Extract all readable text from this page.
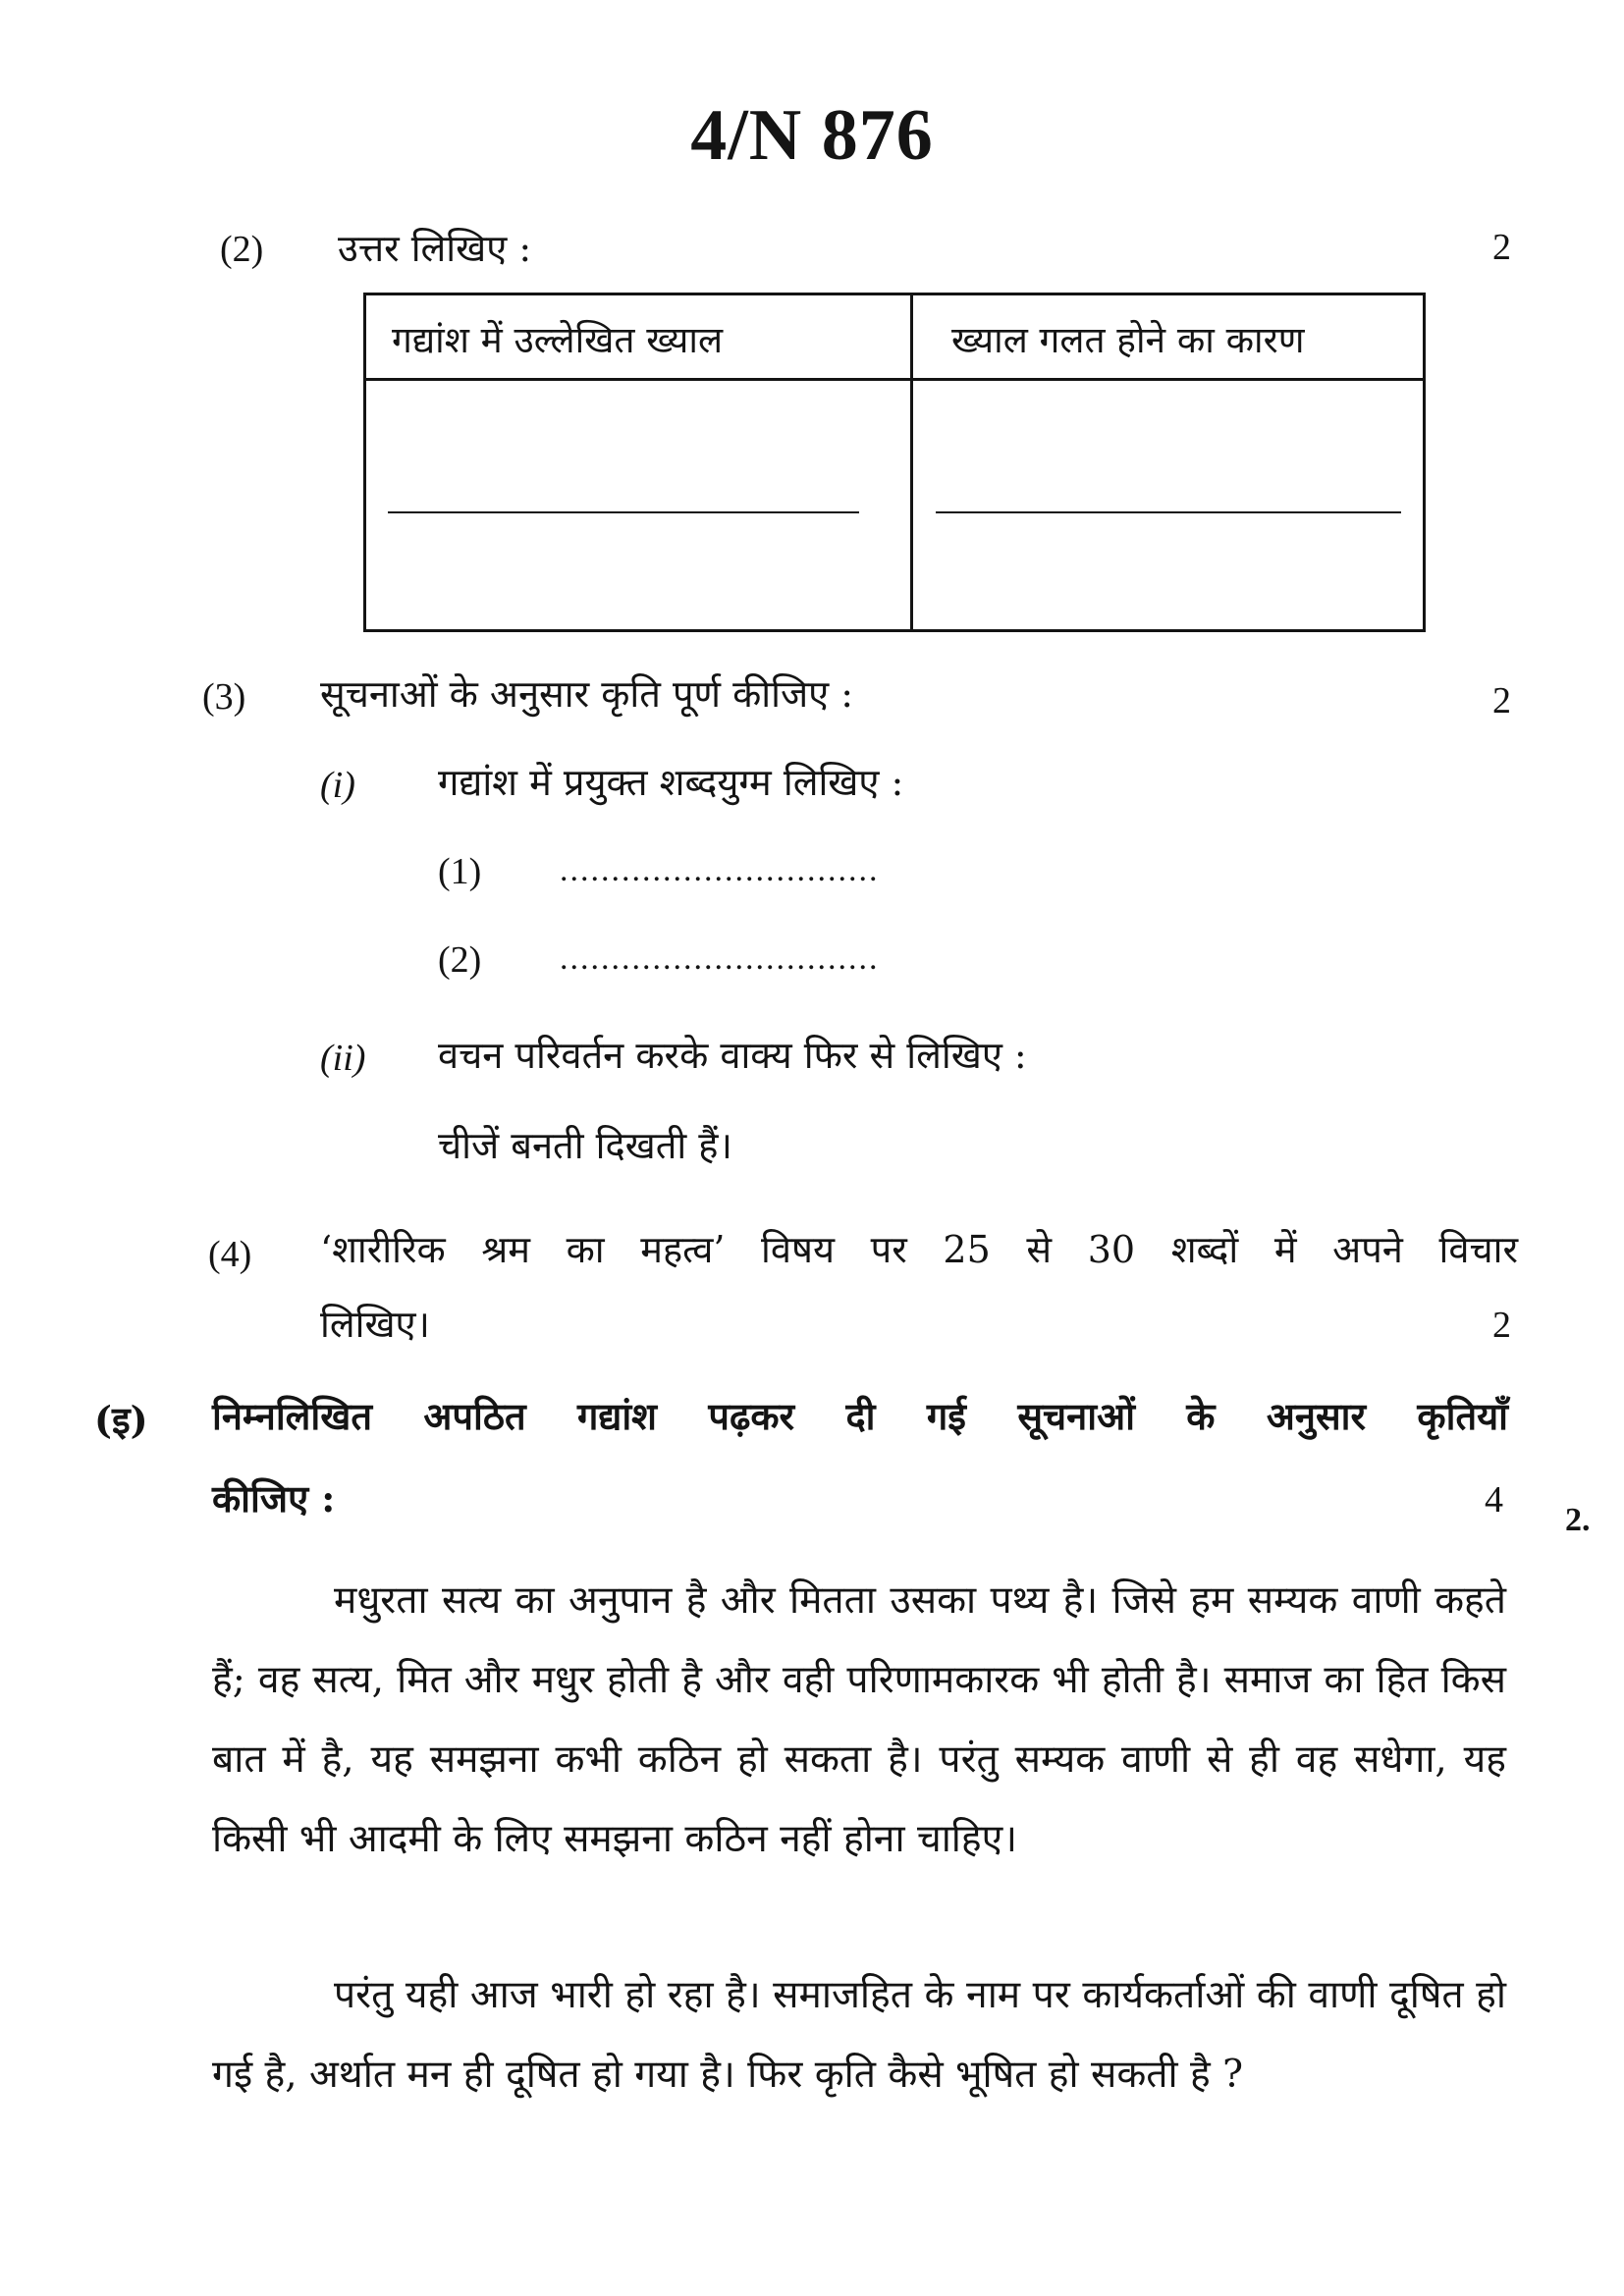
4/N 876
(2) उत्तर लिखिए :	2
गद्यांश में उल्लेखित ख्याल	ख्याल गलत होने का कारण
(3) सूचनाओं के अनुसार कृति पूर्ण कीजिए :	2
(i) गद्यांश में प्रयुक्त शब्दयुग्म लिखिए :
(1) ...............................
(2) ...............................
(ii) वचन परिवर्तन करके वाक्य फिर से लिखिए :
चीजें बनती दिखती हैं।
(4) ‘शारीरिक श्रम का महत्व’ विषय पर 25 से 30 शब्दों में अपने विचार
लिखिए।	2
(इ) निम्नलिखित अपठित गद्यांश पढ़कर दी गई सूचनाओं के अनुसार कृतियाँ
कीजिए :	4 2.

मधुरता सत्य का अनुपान है और मितता उसका पथ्य है। जिसे हम सम्यक वाणी कहते हैं; वह सत्य, मित और मधुर होती है और वही परिणामकारक भी होती है। समाज का हित किस बात में है, यह समझना कभी कठिन हो सकता है। परंतु सम्यक वाणी से ही वह सधेगा, यह किसी भी आदमी के लिए समझना कठिन नहीं होना चाहिए।

परंतु यही आज भारी हो रहा है। समाजहित के नाम पर कार्यकर्ताओं की वाणी दूषित हो गई है, अर्थात मन ही दूषित हो गया है। फिर कृति कैसे भूषित हो सकती है ?
